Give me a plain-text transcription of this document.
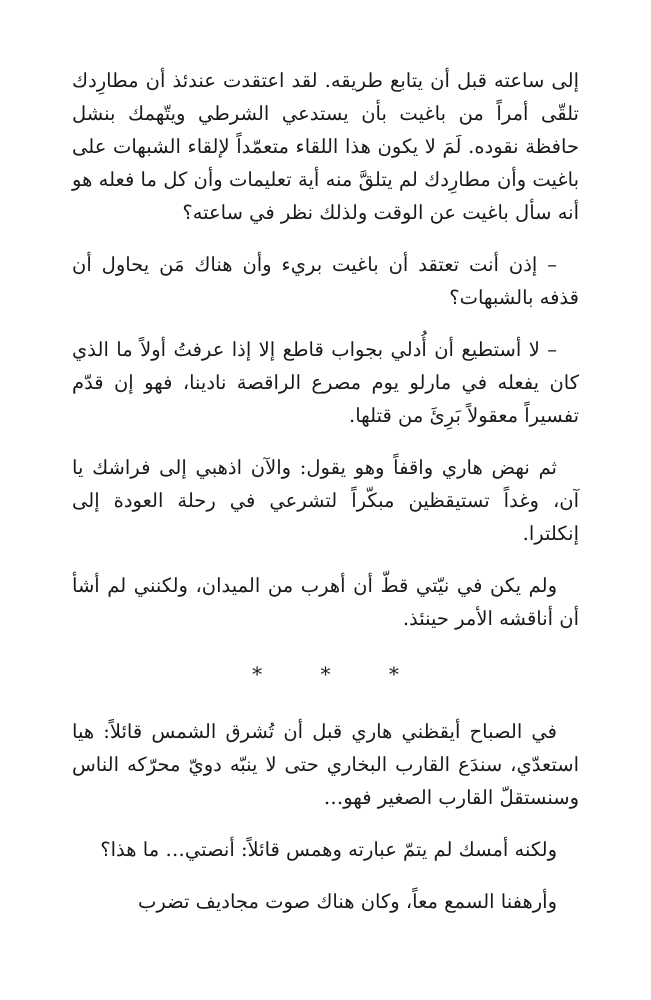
إلى ساعته قبل أن يتابع طريقه. لقد اعتقدت عندئذ أن مطارِدك تلقّى أمراً من باغيت بأن يستدعي الشرطي ويتّهمك بنشل حافظة نقوده. لَمَ لا يكون هذا اللقاء متعمّداً لإلقاء الشبهات على باغيت وأن مطارِدك لم يتلقَّ منه أية تعليمات وأن كل ما فعله هو أنه سأل باغيت عن الوقت ولذلك نظر في ساعته؟

– إذن أنت تعتقد أن باغيت بريء وأن هناك مَن يحاول أن قذفه بالشبهات؟

– لا أستطيع أن أُدلي بجواب قاطع إلا إذا عرفتُ أولاً ما الذي كان يفعله في مارلو يوم مصرع الراقصة نادينا، فهو إن قدّم تفسيراً معقولاً بَرِئَ من قتلها.

ثم نهض هاري واقفاً وهو يقول: والآن اذهبي إلى فراشك يا آن، وغداً تستيقظين مبكّراً لتشرعي في رحلة العودة إلى إنكلترا.

ولم يكن في نيّتي قطّ أن أهرب من الميدان، ولكنني لم أشأ أن أناقشه الأمر حينئذ.

* * *

في الصباح أيقظني هاري قبل أن تُشرق الشمس قائلاً: هيا استعدّي، سندَع القارب البخاري حتى لا ينبّه دويّ محرّكه الناس وسنستقلّ القارب الصغير فهو…

ولكنه أمسك لم يتمّ عبارته وهمس قائلاً: أنصتي… ما هذا؟

وأرهفنا السمع معاً، وكان هناك صوت مجاديف تضرب
